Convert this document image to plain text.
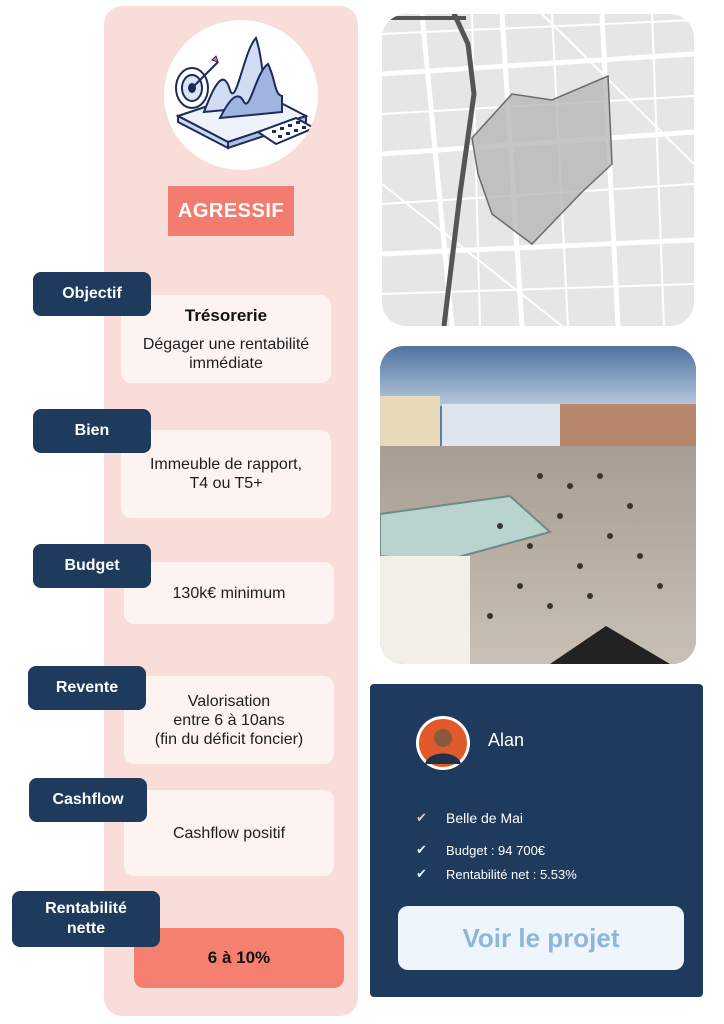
AGRESSIF
Trésorerie
Dégager une rentabilité
immédiate
Objectif
Immeuble de rapport,
T4 ou T5+
Bien
130k€ minimum
Budget
Valorisation
entre 6 à 10ans
(fin du déficit foncier)
Revente
Cashflow positif
Cashflow
6 à 10%
Rentabilité
nette
Alan
✔ Belle de Mai
✔ Budget : 94 700€
✔ Rentabilité net : 5.53%
Voir le projet
